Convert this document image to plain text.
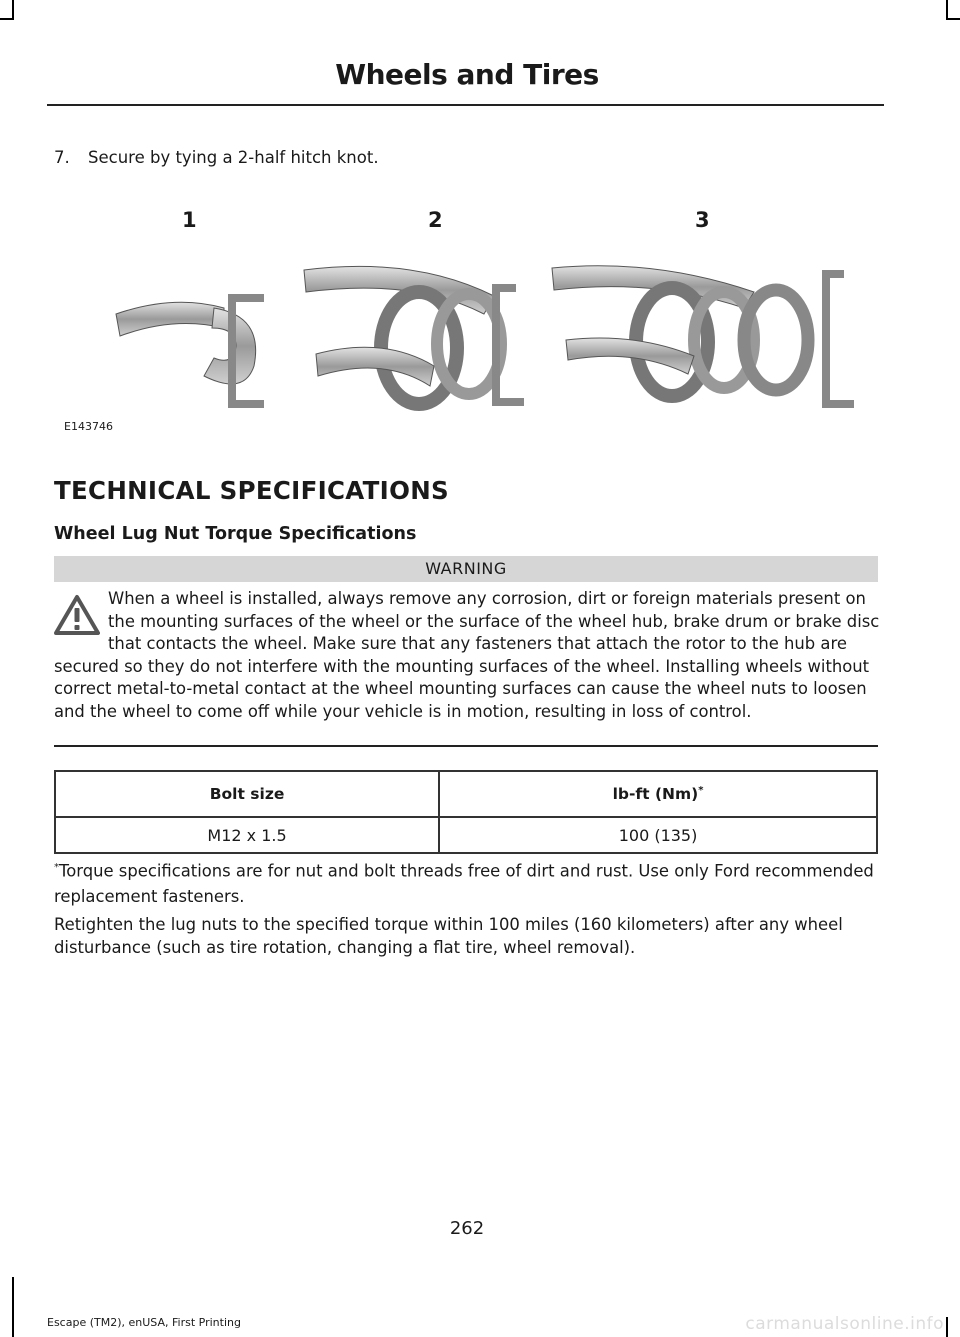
Wheels and Tires
7. Secure by tying a 2-half hitch knot.
1	2	3
E143746
TECHNICAL SPECIFICATIONS
Wheel Lug Nut Torque Specifications
WARNING
When a wheel is installed, always remove any corrosion, dirt or foreign materials present on the mounting surfaces of the wheel or the surface of the wheel hub, brake drum or brake disc that contacts the wheel. Make sure that any fasteners that attach the rotor to the hub are secured so they do not interfere with the mounting surfaces of the wheel. Installing wheels without correct metal-to-metal contact at the wheel mounting surfaces can cause the wheel nuts to loosen and the wheel to come off while your vehicle is in motion, resulting in loss of control.
Bolt size	lb-ft (Nm)*
M12 x 1.5	100 (135)
*Torque specifications are for nut and bolt threads free of dirt and rust. Use only Ford recommended replacement fasteners.
Retighten the lug nuts to the specified torque within 100 miles (160 kilometers) after any wheel disturbance (such as tire rotation, changing a flat tire, wheel removal).
262
Escape (TM2), enUSA, First Printing	carmanualsonline.info
